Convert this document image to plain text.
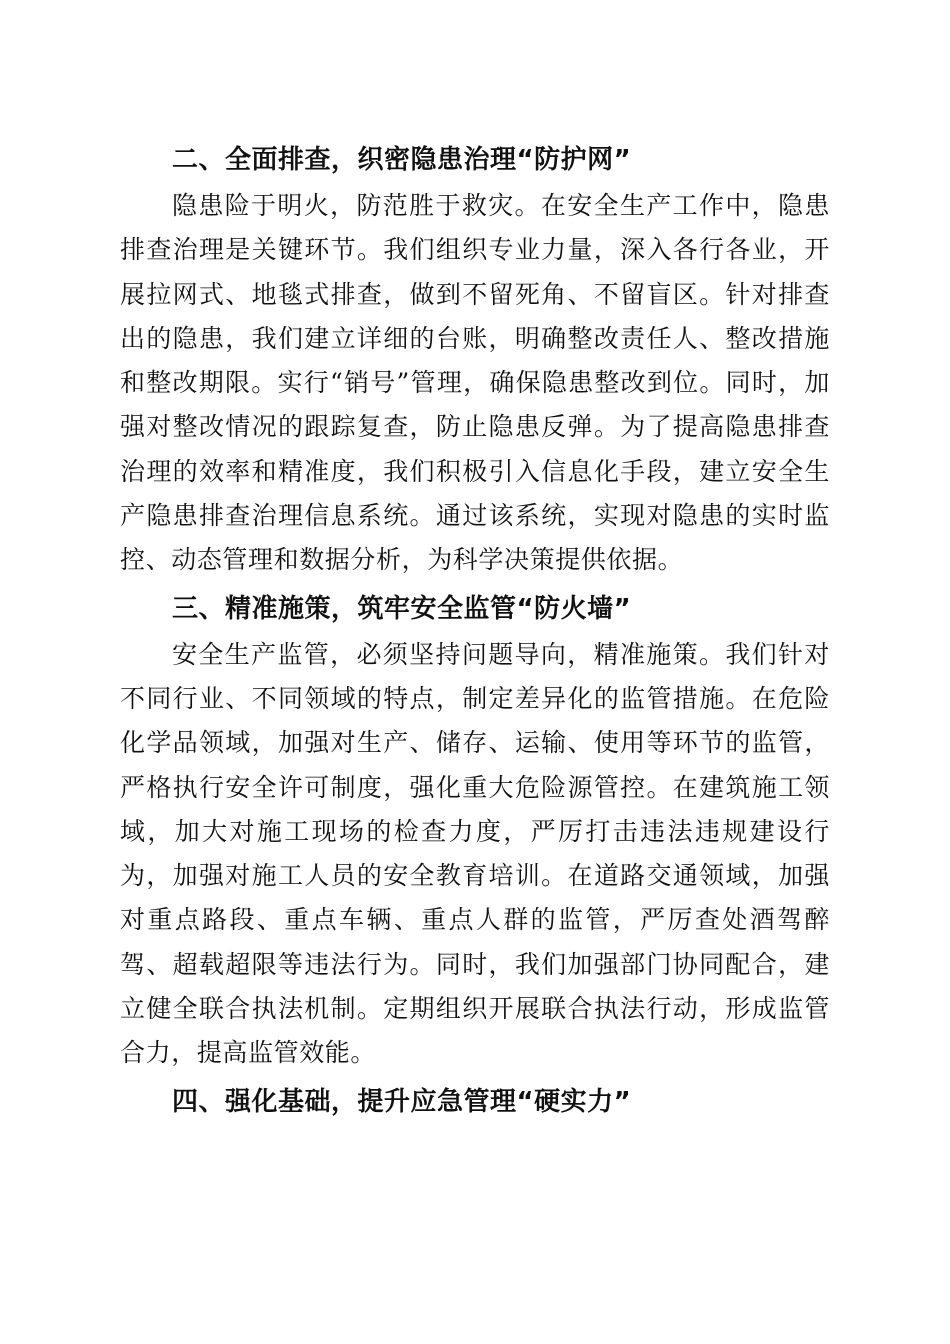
二、全面排查，织密隐患治理“防护网”

隐患险于明火，防范胜于救灾。在安全生产工作中，隐患排查治理是关键环节。我们组织专业力量，深入各行各业，开展拉网式、地毯式排查，做到不留死角、不留盲区。针对排查出的隐患，我们建立详细的台账，明确整改责任人、整改措施和整改期限。实行“销号”管理，确保隐患整改到位。同时，加强对整改情况的跟踪复查，防止隐患反弹。为了提高隐患排查治理的效率和精准度，我们积极引入信息化手段，建立安全生产隐患排查治理信息系统。通过该系统，实现对隐患的实时监控、动态管理和数据分析，为科学决策提供依据。

三、精准施策，筑牢安全监管“防火墙”

安全生产监管，必须坚持问题导向，精准施策。我们针对不同行业、不同领域的特点，制定差异化的监管措施。在危险化学品领域，加强对生产、储存、运输、使用等环节的监管，严格执行安全许可制度，强化重大危险源管控。在建筑施工领域，加大对施工现场的检查力度，严厉打击违法违规建设行为，加强对施工人员的安全教育培训。在道路交通领域，加强对重点路段、重点车辆、重点人群的监管，严厉查处酒驾醉驾、超载超限等违法行为。同时，我们加强部门协同配合，建立健全联合执法机制。定期组织开展联合执法行动，形成监管合力，提高监管效能。

四、强化基础，提升应急管理“硬实力”
